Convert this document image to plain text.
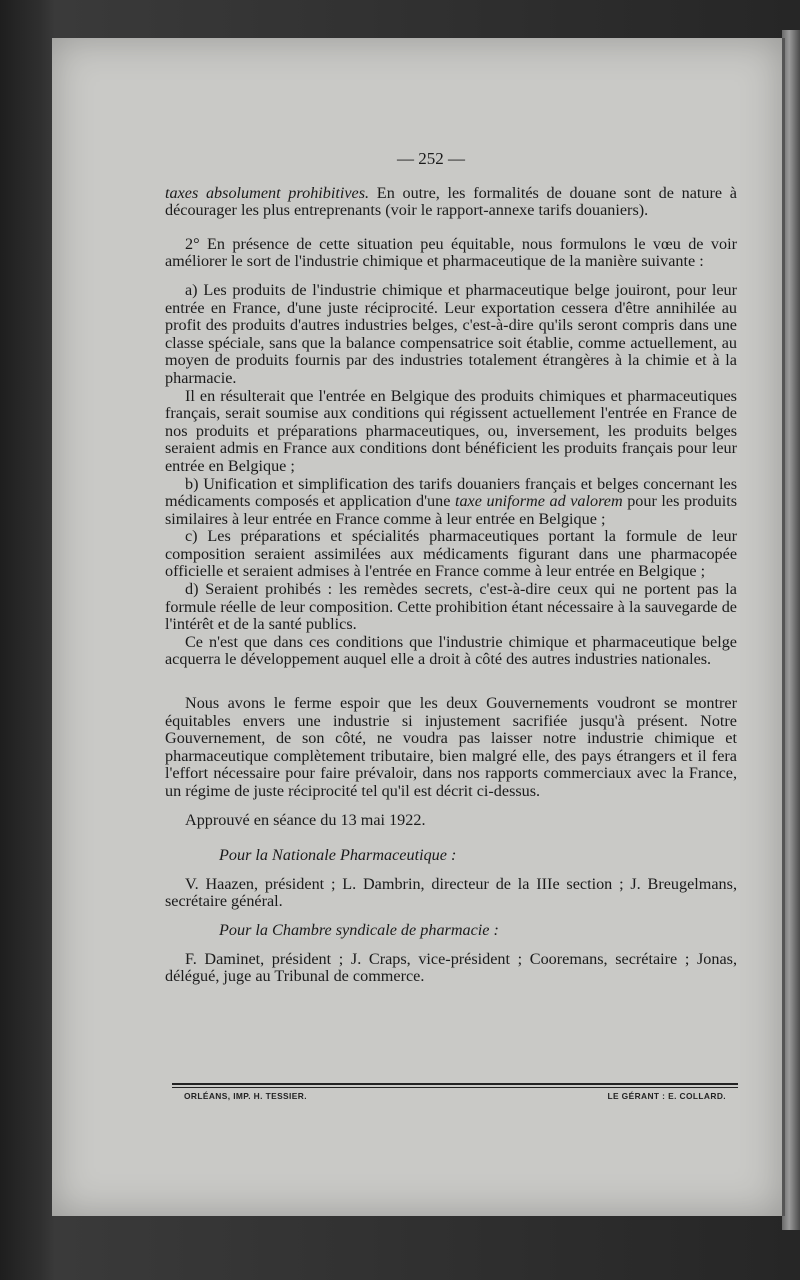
— 252 —

taxes absolument prohibitives. En outre, les formalités de douane sont de nature à décourager les plus entreprenants (voir le rapport-annexe tarifs douaniers).

2° En présence de cette situation peu équitable, nous formulons le vœu de voir améliorer le sort de l'industrie chimique et pharmaceutique de la manière suivante :

a) Les produits de l'industrie chimique et pharmaceutique belge jouiront, pour leur entrée en France, d'une juste réciprocité. Leur exportation cessera d'être annihilée au profit des produits d'autres industries belges, c'est-à-dire qu'ils seront compris dans une classe spéciale, sans que la balance compensatrice soit établie, comme actuellement, au moyen de produits fournis par des industries totalement étrangères à la chimie et à la pharmacie.

Il en résulterait que l'entrée en Belgique des produits chimiques et pharmaceutiques français, serait soumise aux conditions qui régissent actuellement l'entrée en France de nos produits et préparations pharmaceutiques, ou, inversement, les produits belges seraient admis en France aux conditions dont bénéficient les produits français pour leur entrée en Belgique ;

b) Unification et simplification des tarifs douaniers français et belges concernant les médicaments composés et application d'une taxe uniforme ad valorem pour les produits similaires à leur entrée en France comme à leur entrée en Belgique ;

c) Les préparations et spécialités pharmaceutiques portant la formule de leur composition seraient assimilées aux médicaments figurant dans une pharmacopée officielle et seraient admises à l'entrée en France comme à leur entrée en Belgique ;

d) Seraient prohibés : les remèdes secrets, c'est-à-dire ceux qui ne portent pas la formule réelle de leur composition. Cette prohibition étant nécessaire à la sauvegarde de l'intérêt et de la santé publics.

Ce n'est que dans ces conditions que l'industrie chimique et pharmaceutique belge acquerra le développement auquel elle a droit à côté des autres industries nationales.

Nous avons le ferme espoir que les deux Gouvernements voudront se montrer équitables envers une industrie si injustement sacrifiée jusqu'à présent. Notre Gouvernement, de son côté, ne voudra pas laisser notre industrie chimique et pharmaceutique complètement tributaire, bien malgré elle, des pays étrangers et il fera l'effort nécessaire pour faire prévaloir, dans nos rapports commerciaux avec la France, un régime de juste réciprocité tel qu'il est décrit ci-dessus.

Approuvé en séance du 13 mai 1922.

Pour la Nationale Pharmaceutique :

V. Haazen, président ; L. Dambrin, directeur de la IIIe section ; J. Breugelmans, secrétaire général.

Pour la Chambre syndicale de pharmacie :

F. Daminet, président ; J. Craps, vice-président ; Cooremans, secrétaire ; Jonas, délégué, juge au Tribunal de commerce.

ORLÉANS, IMP. H. TESSIER.	LE GÉRANT : E. COLLARD.
